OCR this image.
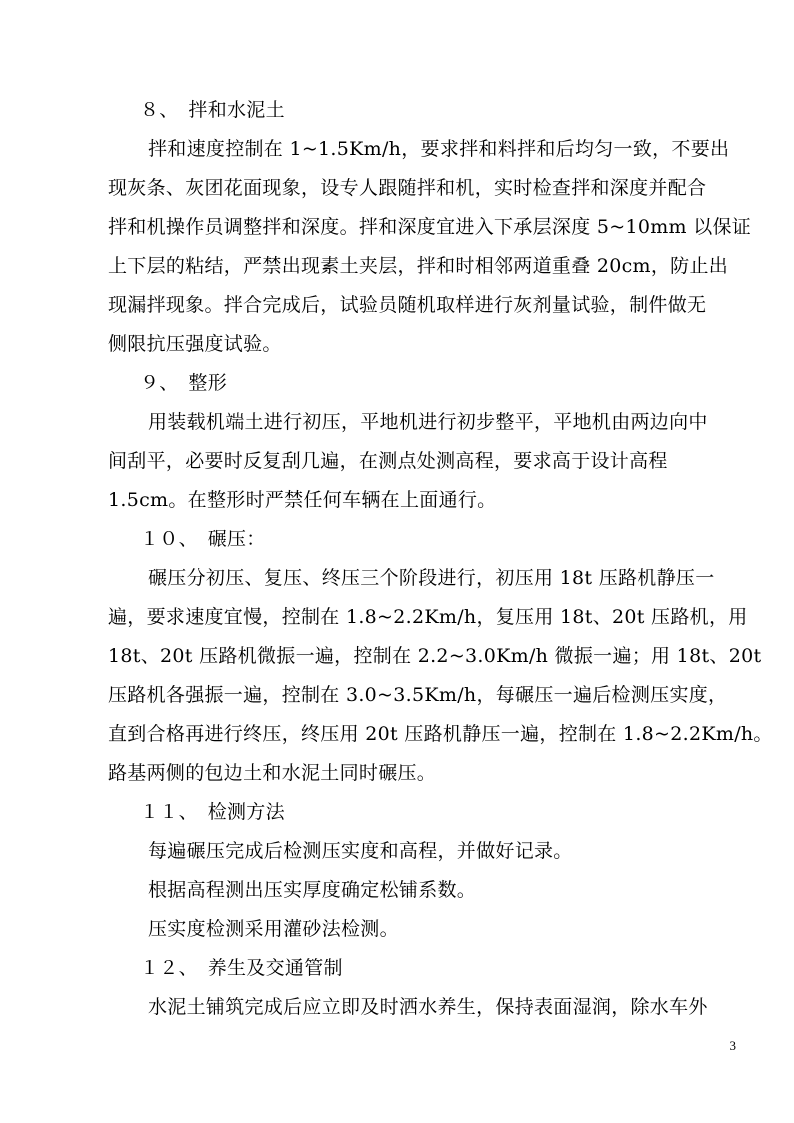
８、　拌和水泥土
拌和速度控制在 1~1.5Km/h，要求拌和料拌和后均匀一致，不要出
现灰条、灰团花面现象，设专人跟随拌和机，实时检查拌和深度并配合
拌和机操作员调整拌和深度。拌和深度宜进入下承层深度 5~10mm 以保证
上下层的粘结，严禁出现素土夹层，拌和时相邻两道重叠 20cm，防止出
现漏拌现象。拌合完成后，试验员随机取样进行灰剂量试验，制件做无
侧限抗压强度试验。
９、　整形
用装载机端土进行初压，平地机进行初步整平，平地机由两边向中
间刮平，必要时反复刮几遍，在测点处测高程，要求高于设计高程
1.5cm。在整形时严禁任何车辆在上面通行。
１０、　碾压：
碾压分初压、复压、终压三个阶段进行，初压用 18t 压路机静压一
遍，要求速度宜慢，控制在 1.8~2.2Km/h，复压用 18t、20t 压路机，用
18t、20t 压路机微振一遍，控制在 2.2~3.0Km/h 微振一遍；用 18t、20t
压路机各强振一遍，控制在 3.0~3.5Km/h，每碾压一遍后检测压实度，
直到合格再进行终压，终压用 20t 压路机静压一遍，控制在 1.8~2.2Km/h。
路基两侧的包边土和水泥土同时碾压。
１１、　检测方法
每遍碾压完成后检测压实度和高程，并做好记录。
根据高程测出压实厚度确定松铺系数。
压实度检测采用灌砂法检测。
１２、　养生及交通管制
水泥土铺筑完成后应立即及时洒水养生，保持表面湿润，除水车外
3
